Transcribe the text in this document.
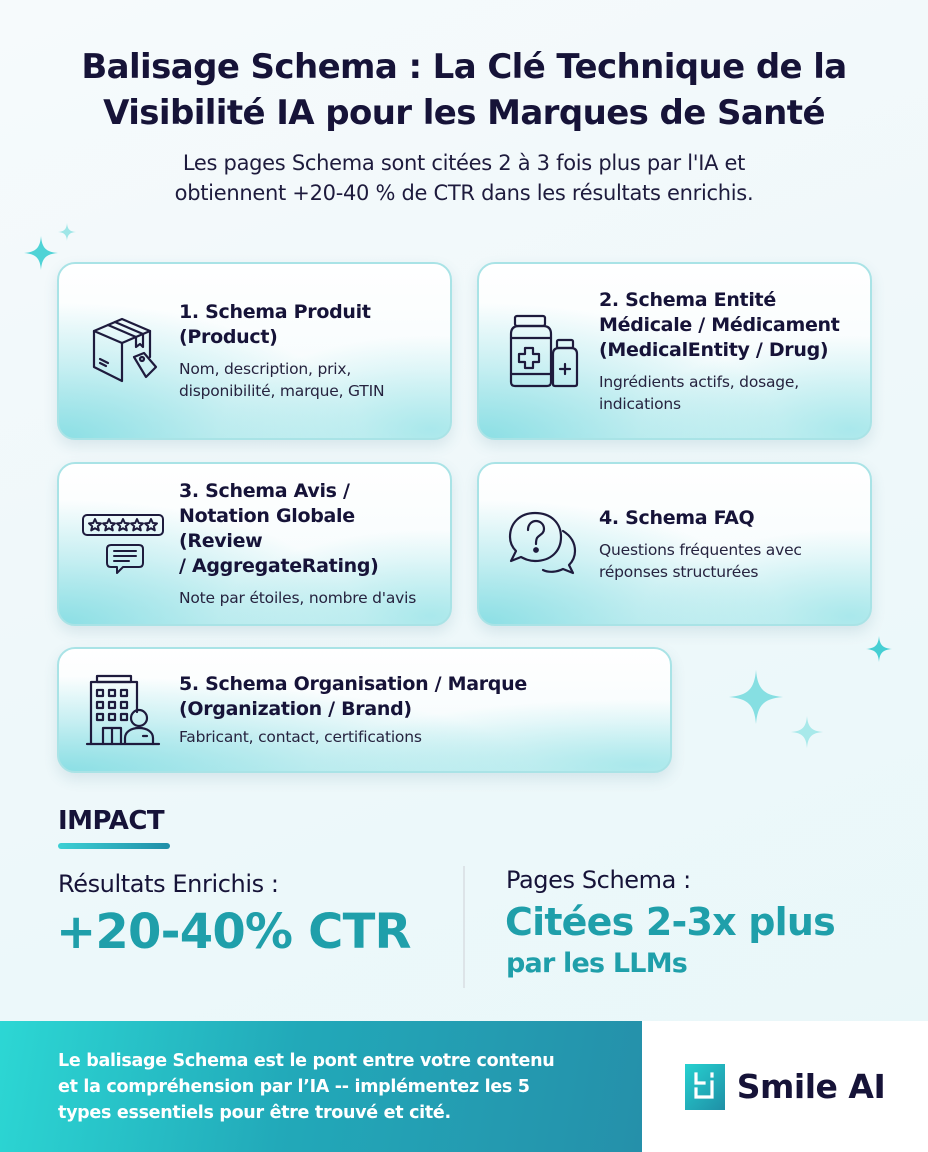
Balisage Schema : La Clé Technique de la
Visibilité IA pour les Marques de Santé
Les pages Schema sont citées 2 à 3 fois plus par l'IA et
obtiennent +20-40 % de CTR dans les résultats enrichis.
1. Schema Produit
(Product)
Nom, description, prix,
disponibilité, marque, GTIN
2. Schema Entité
Médicale / Médicament
(MedicalEntity / Drug)
Ingrédients actifs, dosage,
indications
3. Schema Avis /
Notation Globale (Review
/ AggregateRating)
Note par étoiles, nombre d'avis
4. Schema FAQ
Questions fréquentes avec
réponses structurées
5. Schema Organisation / Marque
(Organization / Brand)
Fabricant, contact, certifications
IMPACT
Résultats Enrichis :
+20-40% CTR
Pages Schema :
Citées 2-3x plus
par les LLMs
Le balisage Schema est le pont entre votre contenu
et la compréhension par l’IA -- implémentez les 5
types essentiels pour être trouvé et cité.
Smile AI
